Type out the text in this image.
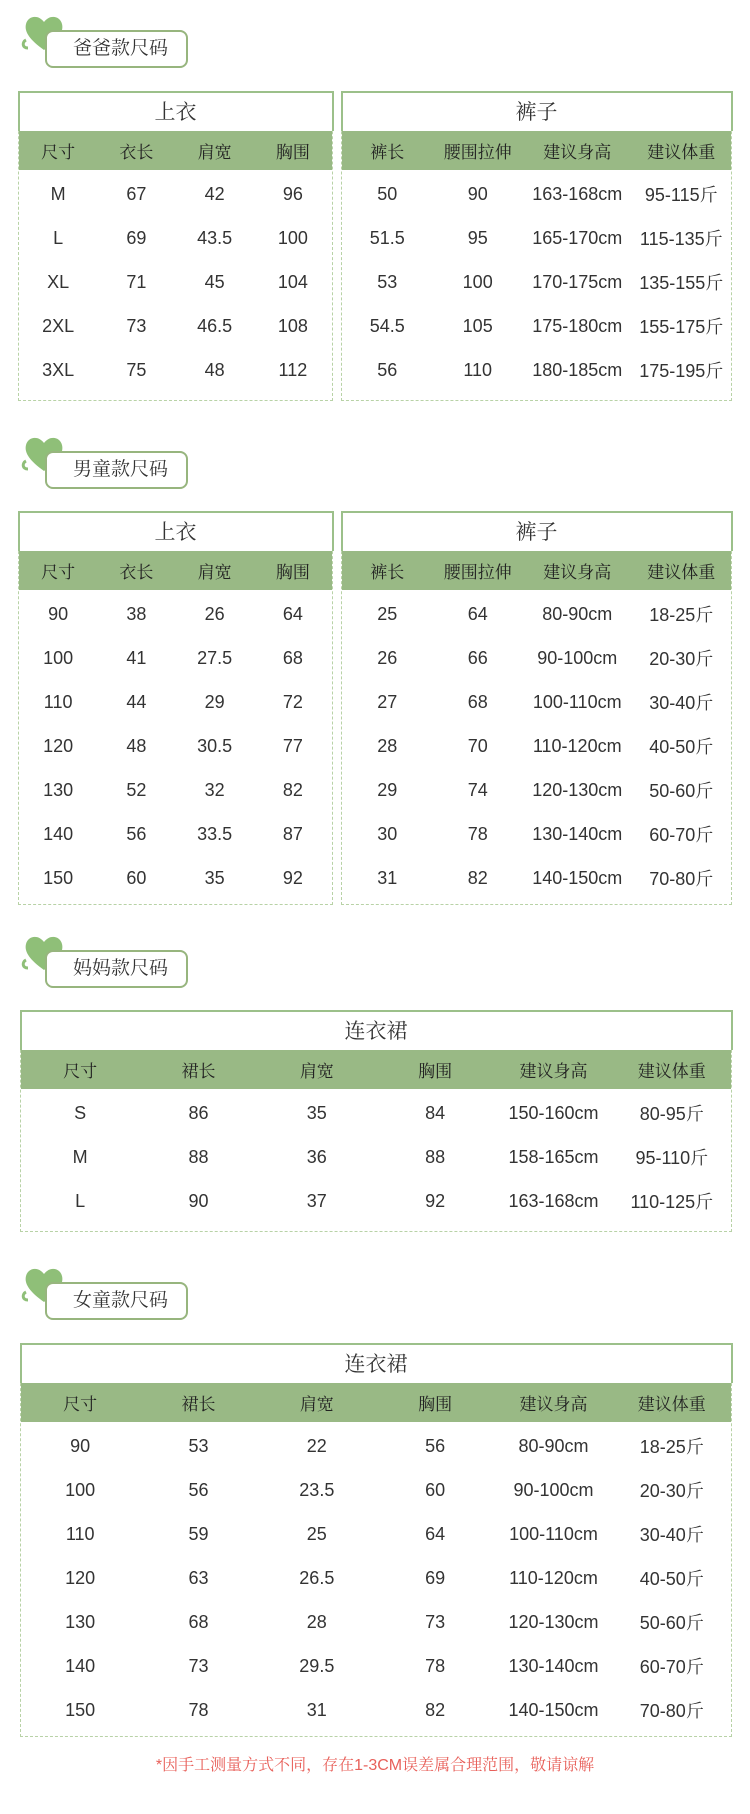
爸爸款尺码
上衣
尺寸	衣长	肩宽	胸围
M	67	42	96
L	69	43.5	100
XL	71	45	104
2XL	73	46.5	108
3XL	75	48	112
裤子
裤长	腰围拉伸	建议身高	建议体重
50	90	163-168cm	95-115斤
51.5	95	165-170cm 115-135斤
53	100	170-175cm 135-155斤
54.5	105	175-180cm 155-175斤
56	110	180-185cm 175-195斤
男童款尺码
上衣
尺寸	衣长	肩宽	胸围
90	38	26	64
100	41	27.5	68
110	44	29	72
120	48	30.5	77
130	52	32	82
140	56	33.5	87
150	60	35	92
裤子
裤长	腰围拉伸	建议身高	建议体重
25	64	80-90cm	18-25斤
26	66	90-100cm	20-30斤
27	68	100-110cm	30-40斤
28	70	110-120cm	40-50斤
29	74	120-130cm	50-60斤
30	78	130-140cm	60-70斤
31	82	140-150cm	70-80斤
妈妈款尺码
连衣裙
尺寸	裙长	肩宽	胸围	建议身高	建议体重
S	86	35	84	150-160cm	80-95斤
M	88	36	88	158-165cm	95-110斤
L	90	37	92	163-168cm	110-125斤
女童款尺码
连衣裙
尺寸	裙长	肩宽	胸围	建议身高	建议体重
90	53	22	56	80-90cm	18-25斤
100	56	23.5	60	90-100cm	20-30斤
110	59	25	64	100-110cm	30-40斤
120	63	26.5	69	110-120cm	40-50斤
130	68	28	73	120-130cm	50-60斤
140	73	29.5	78	130-140cm	60-70斤
150	78	31	82	140-150cm	70-80斤
*因手工测量方式不同，存在1-3CM误差属合理范围，敬请谅解
